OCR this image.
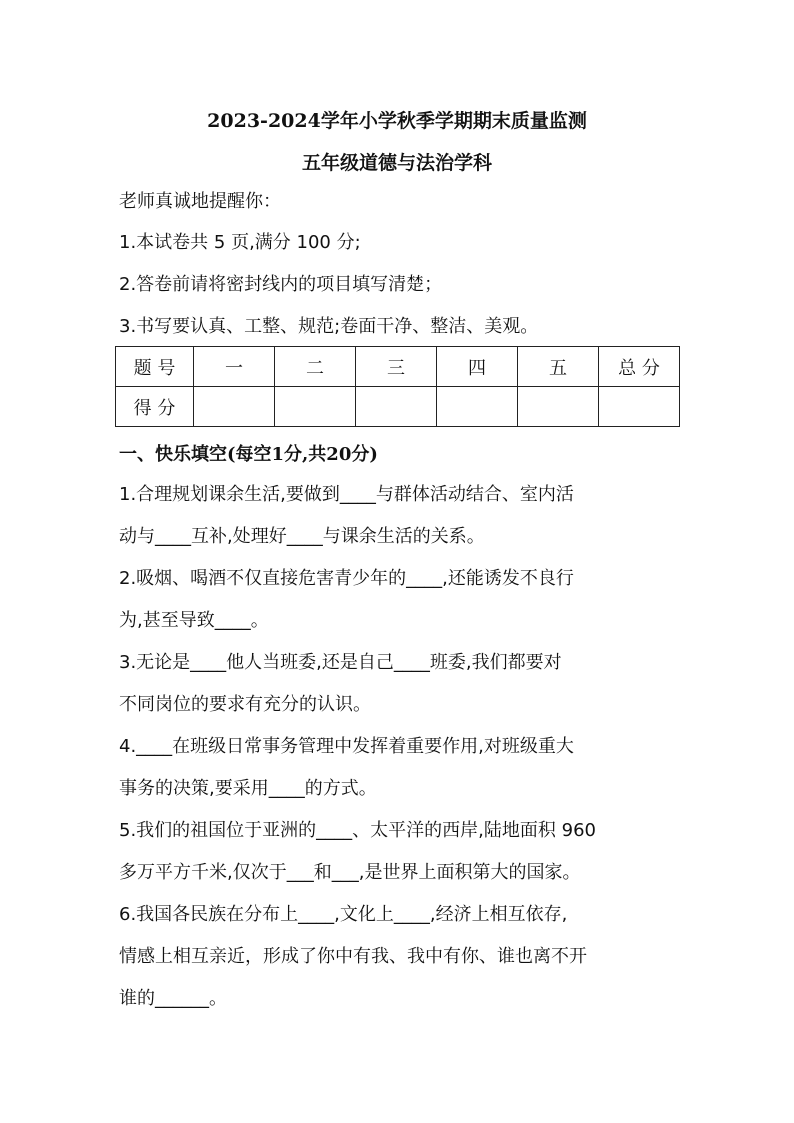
2023-2024学年小学秋季学期期末质量监测
五年级道德与法治学科
老师真诚地提醒你：
1.本试卷共 5 页,满分 100 分;
2.答卷前请将密封线内的项目填写清楚；
3.书写要认真、工整、规范;卷面干净、整洁、美观。
题 号	一	二	三	四	五	总 分
得 分						
一、快乐填空(每空1分,共20分)
1.合理规划课余生活,要做到____与群体活动结合、室内活
动与____互补,处理好____与课余生活的关系。
2.吸烟、喝酒不仅直接危害青少年的____,还能诱发不良行
为,甚至导致____。
3.无论是____他人当班委,还是自己____班委,我们都要对
不同岗位的要求有充分的认识。
4.____在班级日常事务管理中发挥着重要作用,对班级重大
事务的决策,要采用____的方式。
5.我们的祖国位于亚洲的____、太平洋的西岸,陆地面积 960
多万平方千米,仅次于___和___,是世界上面积第大的国家。
6.我国各民族在分布上____,文化上____,经济上相互依存,
情感上相互亲近，形成了你中有我、我中有你、谁也离不开
谁的______。
